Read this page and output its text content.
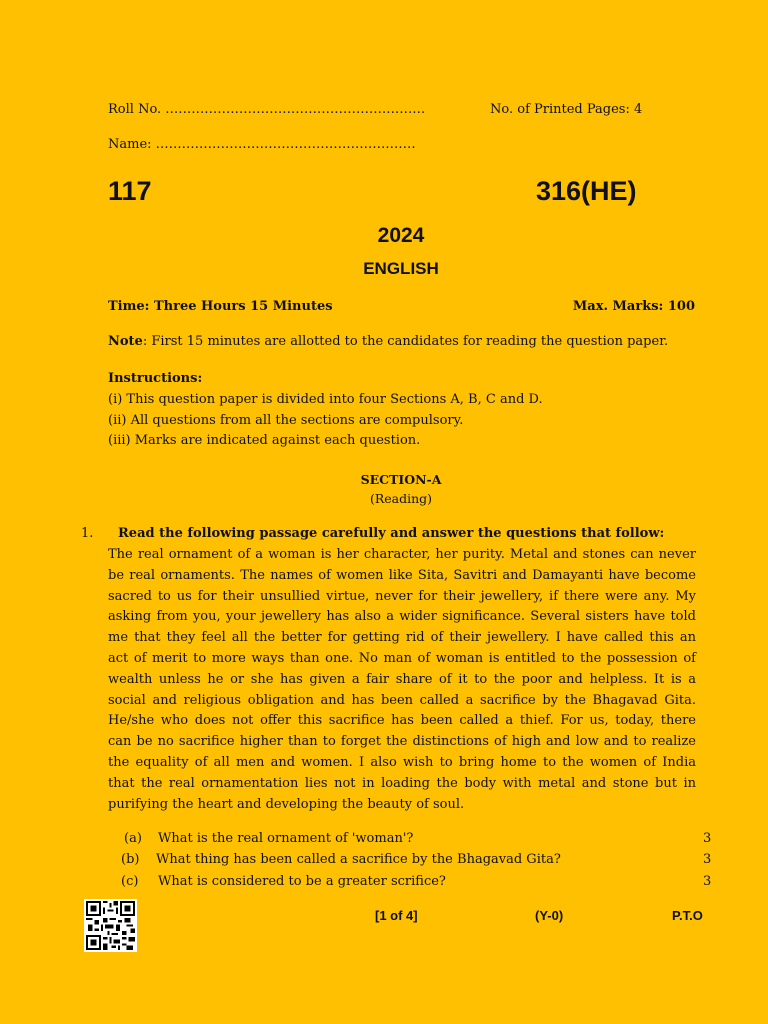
Roll No. ……………………………………………………	No. of Printed Pages: 4
Name: ……………………………………………………
117	316(HE)
2024
ENGLISH
Time: Three Hours 15 Minutes	Max. Marks: 100
Note: First 15 minutes are allotted to the candidates for reading the question paper.
Instructions:
(i) This question paper is divided into four Sections A, B, C and D.
(ii) All questions from all the sections are compulsory.
(iii) Marks are indicated against each question.
SECTION-A
(Reading)
1. Read the following passage carefully and answer the questions that follow:
The real ornament of a woman is her character, her purity. Metal and stones can never
be real ornaments. The names of women like Sita, Savitri and Damayanti have become
sacred to us for their unsullied virtue, never for their jewellery, if there were any. My
asking from you, your jewellery has also a wider significance. Several sisters have told
me that they feel all the better for getting rid of their jewellery. I have called this an
act of merit to more ways than one. No man of woman is entitled to the possession of
wealth unless he or she has given a fair share of it to the poor and helpless. It is a
social and religious obligation and has been called a sacrifice by the Bhagavad Gita.
He/she who does not offer this sacrifice has been called a thief. For us, today, there
can be no sacrifice higher than to forget the distinctions of high and low and to realize
the equality of all men and women. I also wish to bring home to the women of India
that the real ornamentation lies not in loading the body with metal and stone but in
purifying the heart and developing the beauty of soul.
(a) What is the real ornament of 'woman'?	3
(b) What thing has been called a sacrifice by the Bhagavad Gita?	3
(c) What is considered to be a greater scrifice?	3
[1 of 4]	(Y-0)	P.T.O
